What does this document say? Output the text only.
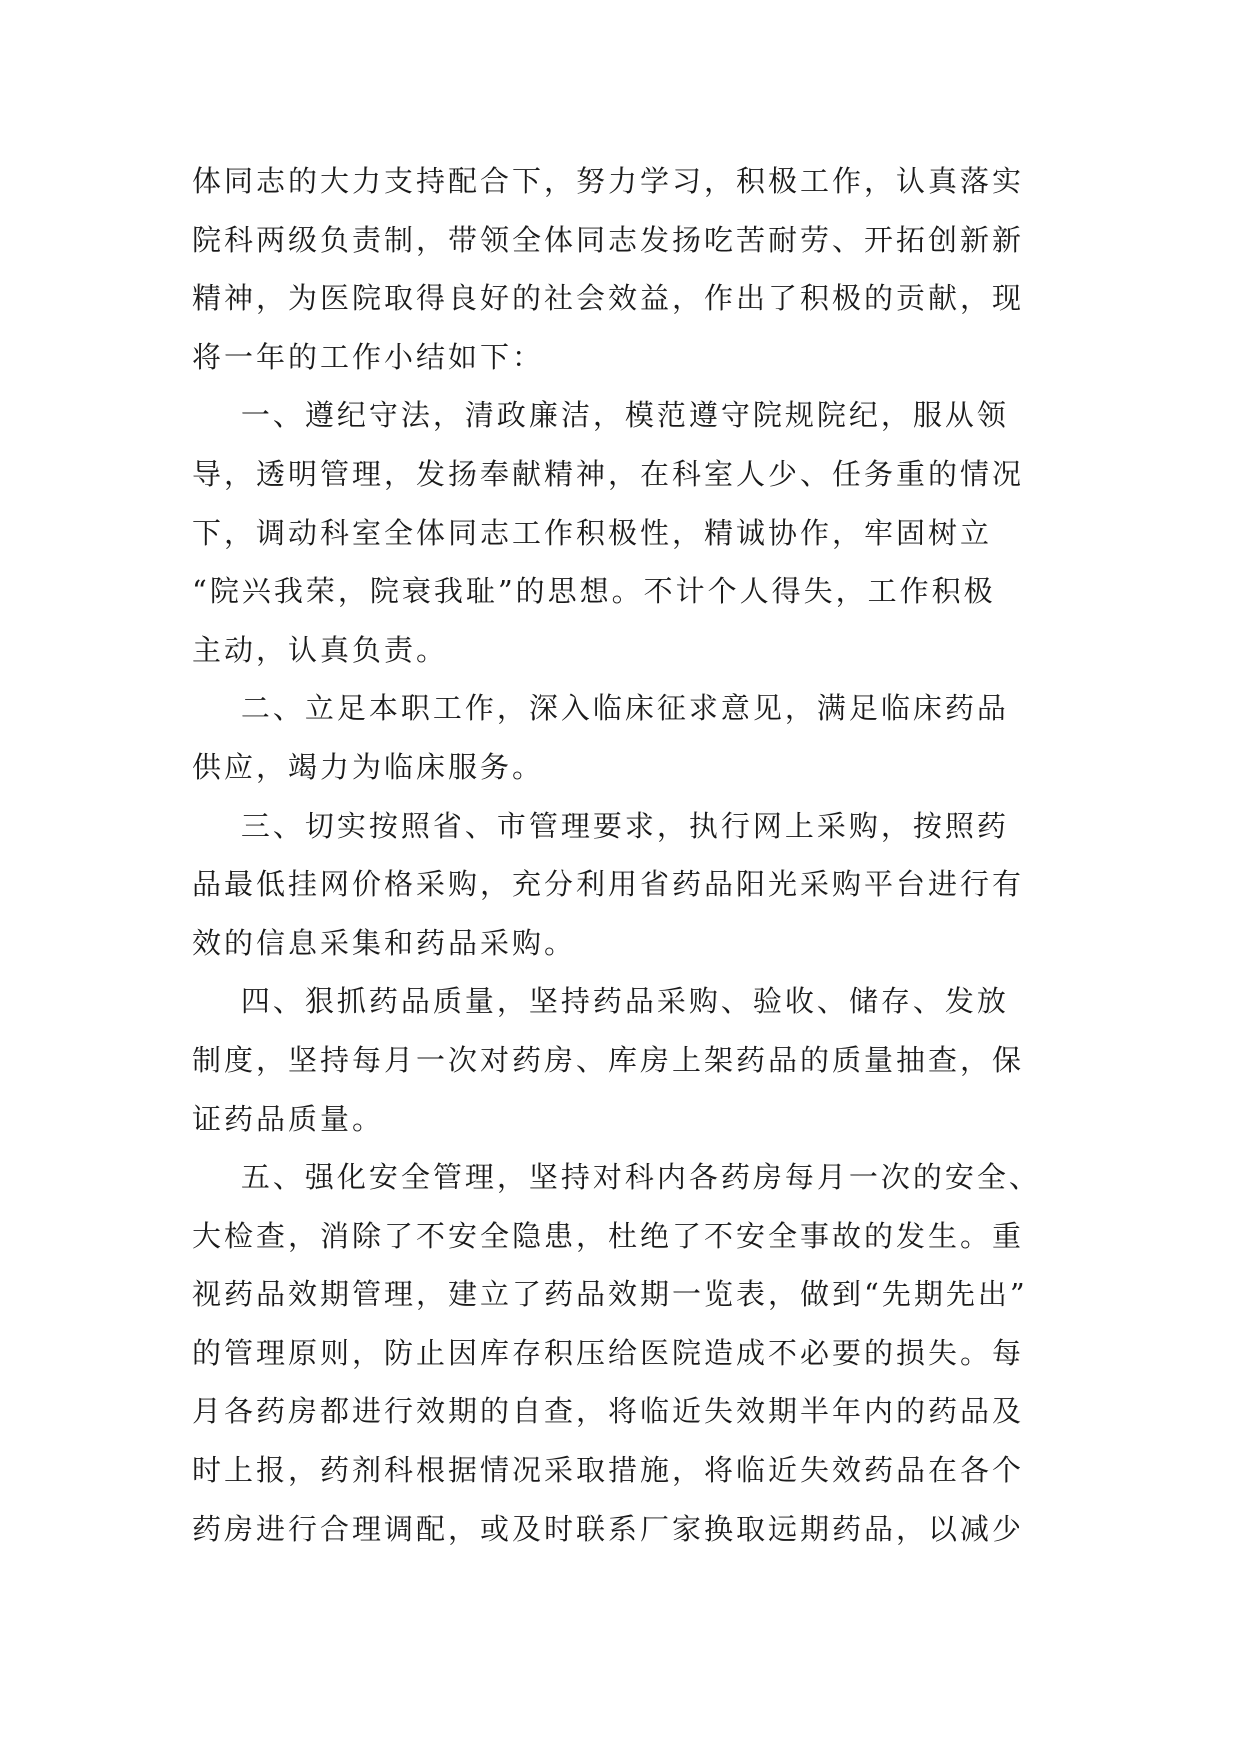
体同志的大力支持配合下，努力学习，积极工作，认真落实
院科两级负责制，带领全体同志发扬吃苦耐劳、开拓创新新
精神，为医院取得良好的社会效益，作出了积极的贡献，现
将一年的工作小结如下：
一、遵纪守法，清政廉洁，模范遵守院规院纪，服从领
导，透明管理，发扬奉献精神，在科室人少、任务重的情况
下，调动科室全体同志工作积极性，精诚协作，牢固树立
“院兴我荣，院衰我耻”的思想。不计个人得失，工作积极
主动，认真负责。
二、立足本职工作，深入临床征求意见，满足临床药品
供应，竭力为临床服务。
三、切实按照省、市管理要求，执行网上采购，按照药
品最低挂网价格采购，充分利用省药品阳光采购平台进行有
效的信息采集和药品采购。
四、狠抓药品质量，坚持药品采购、验收、储存、发放
制度，坚持每月一次对药房、库房上架药品的质量抽查，保
证药品质量。
五、强化安全管理，坚持对科内各药房每月一次的安全、
大检查，消除了不安全隐患，杜绝了不安全事故的发生。重
视药品效期管理，建立了药品效期一览表，做到“先期先出”
的管理原则，防止因库存积压给医院造成不必要的损失。每
月各药房都进行效期的自查，将临近失效期半年内的药品及
时上报，药剂科根据情况采取措施，将临近失效药品在各个
药房进行合理调配，或及时联系厂家换取远期药品，以减少
